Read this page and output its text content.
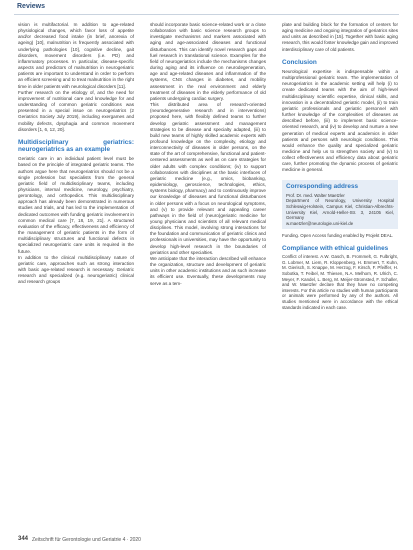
Reviews

vision is multifactorial. In addition to age-related physiological changes, which favor loss of appetite and/or decreased food intake (in brief, anorexia of ageing) [10], malnutrition is frequently associated with underlying pathologies [10], cognitive decline, gait disorders, movement disorders (i.e. PD) and inflammatory processes. In particular, disease-specific aspects and predictors of malnutrition in neurogeriatric patients are important to understand in order to perform an efficient screening and to treat malnutrition in the right time in older patients with neurological disorders [11].

Further research on the etiology of, and the need for improvement of nutritional care and knowledge for and understanding of common geriatric conditions was presented in a special issue on neurogeriatrics (2 Geriatrics Society July 2019), including exergames and mobility defects, dysphagia and common movement disorders [1, 6, 12, 20].

Multidisciplinary geriatrics: neurogeriatrics as an example

Geriatric care in an individual patient level must be based on the principle of integrated geriatric teams. The authors argue here that neurogeriatrics should not be a single profession but specialists from the general geriatric field of multidisciplinary teams, including physicians, internal medicine, neurology, psychiatry, gerontology, and orthopedics. This multidisciplinary approach has already been demonstrated in numerous studies and trials, and has led to the implementation of dedicated outcomes with funding geriatric involvement in common medical care [7, 18, 19, 21]. A structured evaluation of the efficacy, effectiveness and efficiency of the management of geriatric patients in the form of multidisciplinary structures and functional defects in specialized neurogeriatric care units is required in the future.

In addition to the clinical multidisciplinary nature of geriatric care, approaches such as strong interaction with basic age-related research is necessary. Geriatric research and specialized (e.g. neurogeriatric) clinical and research groups

should incorporate basic science-related work or a close collaboration with basic science research groups to investigate mechanisms and markers associated with aging and age-associated diseases and functional disturbances. This can identify novel research gaps and fuel research in translational science. Examples for the field of neurogeriatrics include the mechanisms changes during aging and its influence on neurodegeneration, age and age-related diseases and inflammation of the systems, CNS changes in diabetes, and mobility assessment in the real environment and elderly treatment of diseases in the elderly performance of old patients undergoing cardiac surgery.

This distributed area of research-oriented (neurodegenerative research and in interventions) proposed here, with flexibly defined teams to further develop geriatric assessment and management strategies to be disease and specialty adapted, (iii) to build new teams of highly skilled academic experts with profound knowledge on the complexity, etiology and interconnectivity of diseases in older persons, on the state of the art of comprehensive, functional and patient-centered assessments as well as on care strategies for older adults with complex conditions; (iv) to support collaborations with disciplines at the basic interfaces of geriatric medicine (e.g., omics, biobanking, epidemiology, geroscience, technologies, ethics, systems biology, pharmacy) and to continuously improve our knowledge of diseases and functional disturbances in older persons with a focus on neurological symptoms, and (v) to provide relevant and appealing career pathways in the field of (neuro)geriatric medicine for young physicians and scientists of all relevant medical disciplines. This model, involving strong interactions for the foundation and communication of geriatric clinics and professionals in universities, may have the opportunity to develop high-level research in the boundaries of geriatrics and other specialties.

We anticipate that the interaction described will enhance the organization, structure and development of geriatric units in other academic institutions and as such increase its efficient use. Eventually, these developments may serve as a tem-

plate and building block for the formation of centers for aging medicine and ongoing integration of geriatrics sites and units as described in [15]. Together with basic aging research, this would foster knowledge gain and improved interdisciplinary care of old patients.

Conclusion

Neurological expertise is indispensable within a multiprofessional geriatric team. The implementation of neurogeriatrics in the academic setting will help (i) to create dedicated teams with the aim of high-level multidisciplinary scientific expertise, clinical skills, and innovation in a decentralized geriatric model, (ii) to train geriatric professionals and geriatric personnel with further knowledge of the complexities of diseases as described before, (iii) to implement basic science-oriented research, and (iv) to develop and nurture a new generation of medical experts and academics in older patients and persons with neurologic conditions. This would enhance the quality and specialized geriatric medicine and help us to strengthen society and (v) to collect effectiveness and efficiency data about geriatric care, further promoting the dynamic process of geriatric medicine in general.

Corresponding address

Prof. Dr. med. Walter Maetzler
Department of Neurology, University Hospital Schleswig-Holstein, Campus Kiel, Christian-Albrechts-University Kiel, Arnold-Heller-Str. 3, 24105 Kiel, Germany
w.maetzler@neurologie.uni-kiel.de

Funding. Open Access funding enabled by Projekt DEAL.

Compliance with ethical guidelines

Conflict of interest. A.W. Gasch, B. Frommelt, G. Fulbright, G. Lobmer, M. Liem, R. Kloppenberg, H. Emmert, T. Kuhn, M. Gierisch, S. Knappe, M. Herzog, F. Kirsch, F. Pfeiffer, H. Sobotka, T. Feibel, M. Thiesen, N.A. Melhorn, R. Ulrich, C. Meyer, F. Kandel, L. Berg, M. Meijer-Stromsted, F. Schaller, and W. Maetzler declare that they have no competing interests. For this article no studies with human participants or animals were performed by any of the authors. All studies mentioned were in accordance with the ethical standards indicated in each case.

344 Zeitschrift für Gerontologie und Geriatrie 4 · 2020
